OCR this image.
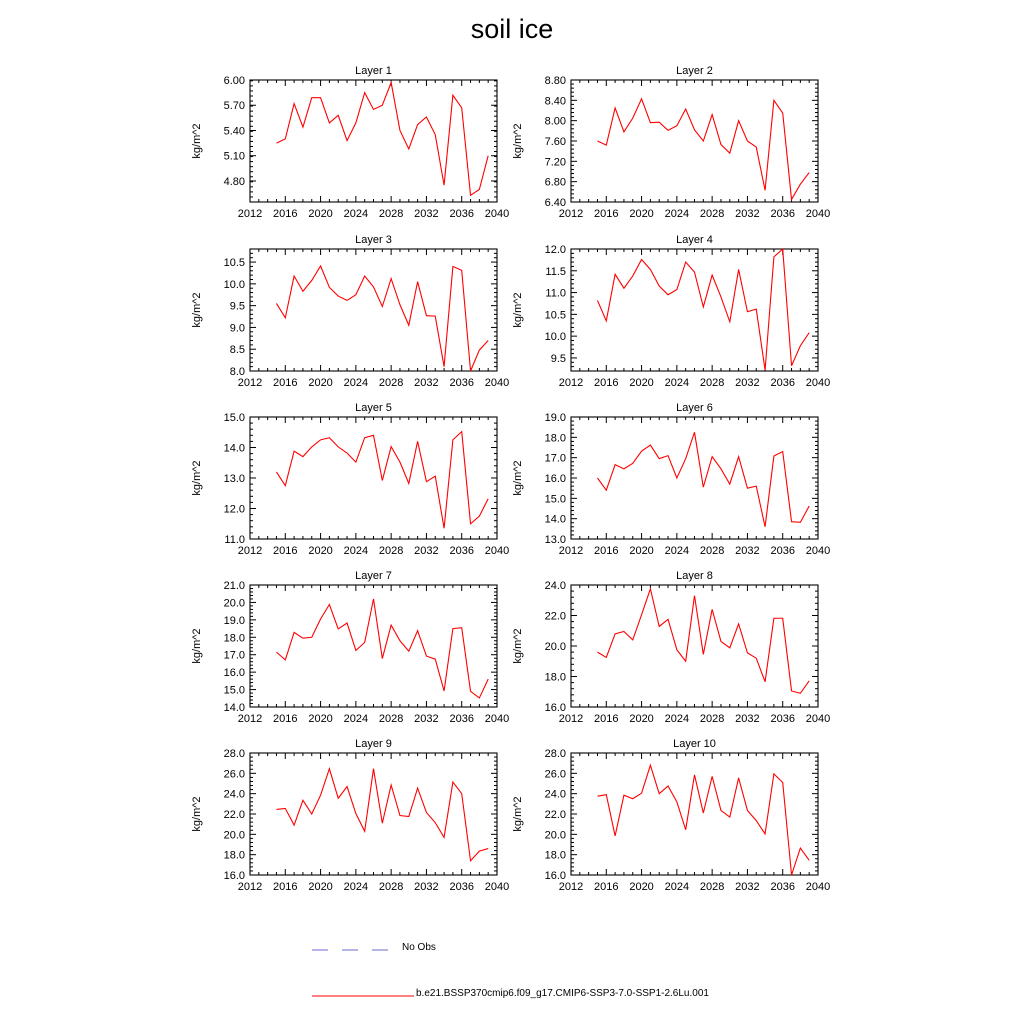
soil ice
Layer 1
kg/m^2
2012 2016 2020 2024 2028 2032 2036 2040
4.80
5.10
5.40
5.70
6.00
Layer 2
kg/m^2
2012 2016 2020 2024 2028 2032 2036 2040
6.40
6.80
7.20
7.60
8.00
8.40
8.80
Layer 3
kg/m^2
2012 2016 2020 2024 2028 2032 2036 2040
8.0
8.5
9.0
9.5
10.0
10.5
Layer 4
kg/m^2
2012 2016 2020 2024 2028 2032 2036 2040
9.5
10.0
10.5
11.0
11.5
12.0
Layer 5
kg/m^2
2012 2016 2020 2024 2028 2032 2036 2040
11.0
12.0
13.0
14.0
15.0
Layer 6
kg/m^2
2012 2016 2020 2024 2028 2032 2036 2040
13.0
14.0
15.0
16.0
17.0
18.0
19.0
Layer 7
kg/m^2
2012 2016 2020 2024 2028 2032 2036 2040
14.0
15.0
16.0
17.0
18.0
19.0
20.0
21.0
Layer 8
kg/m^2
2012 2016 2020 2024 2028 2032 2036 2040
16.0
18.0
20.0
22.0
24.0
Layer 9
kg/m^2
2012 2016 2020 2024 2028 2032 2036 2040
16.0
18.0
20.0
22.0
24.0
26.0
28.0
Layer 10
kg/m^2
2012 2016 2020 2024 2028 2032 2036 2040
16.0
18.0
20.0
22.0
24.0
26.0
28.0
No Obs
b.e21.BSSP370cmip6.f09_g17.CMIP6-SSP3-7.0-SSP1-2.6Lu.001
